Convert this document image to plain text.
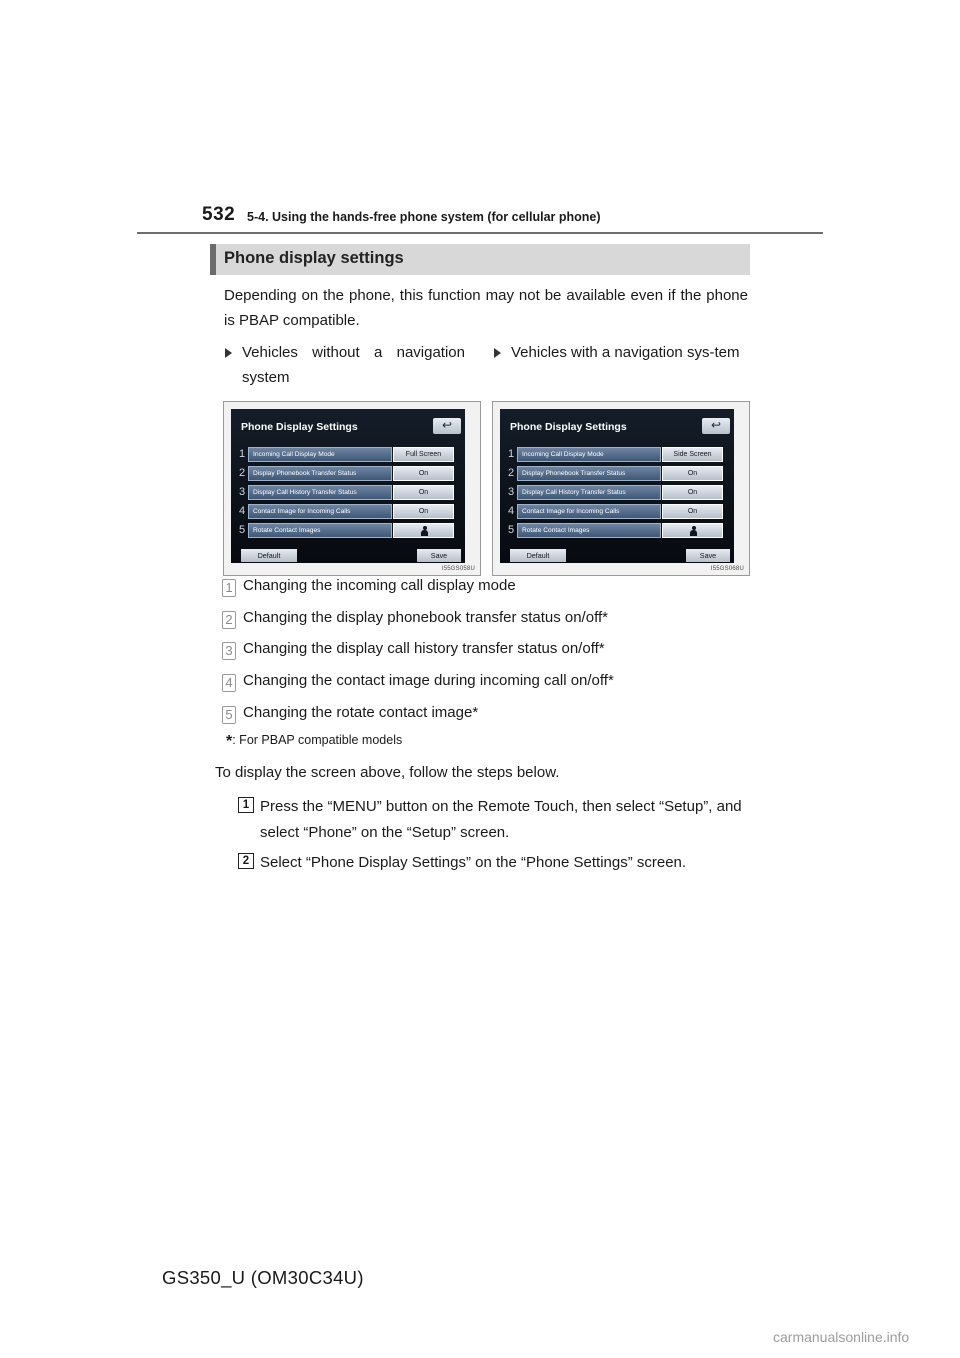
532 5-4. Using the hands-free phone system (for cellular phone)
Phone display settings

Depending on the phone, this function may not be available even if the phone is PBAP compatible.

Vehicles without a navigation system
Vehicles with a navigation sys-tem
Phone Display Settings	↩
1	Incoming Call Display Mode	Full Screen
2	Display Phonebook Transfer Status	On
3	Display Call History Transfer Status	On
4	Contact Image for Incoming Calls	On
5	Rotate Contact Images
Default	Save
I55GS058U
Phone Display Settings	↩
1	Incoming Call Display Mode	Side Screen
2	Display Phonebook Transfer Status	On
3	Display Call History Transfer Status	On
4	Contact Image for Incoming Calls	On
5	Rotate Contact Images
Default	Save
I55GS068U
1 Changing the incoming call display mode
2 Changing the display phonebook transfer status on/off*
3 Changing the display call history transfer status on/off*
4 Changing the contact image during incoming call on/off*
5 Changing the rotate contact image*
*: For PBAP compatible models

To display the screen above, follow the steps below.

1 Press the “MENU” button on the Remote Touch, then select “Setup”, and select “Phone” on the “Setup” screen.
2 Select “Phone Display Settings” on the “Phone Settings” screen.
GS350_U (OM30C34U)
carmanualsonline.info
